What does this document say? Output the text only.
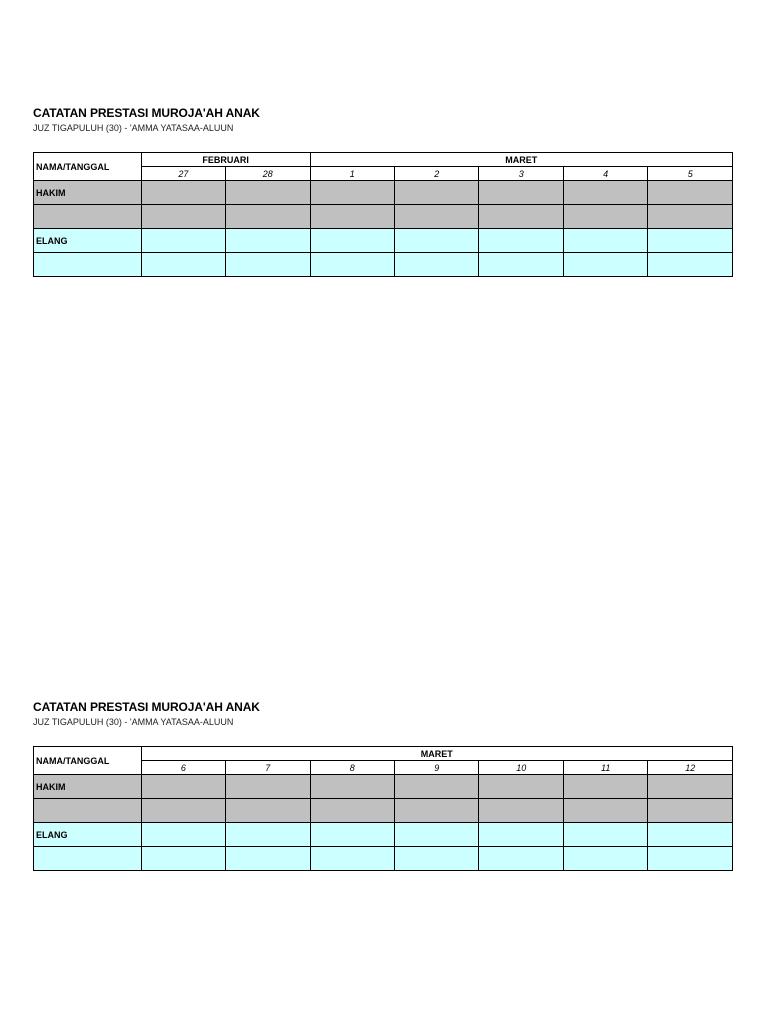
CATATAN PRESTASI MUROJA'AH ANAK

JUZ TIGAPULUH (30) - 'AMMA YATASAA-ALUUN

NAMA/TANGGAL	FEBRUARI		MARET				
	27	28	1	2	3	4	5
HAKIM							

ELANG							

CATATAN PRESTASI MUROJA'AH ANAK

JUZ TIGAPULUH (30) - 'AMMA YATASAA-ALUUN

NAMA/TANGGAL	MARET						
	6	7	8	9	10	11	12
HAKIM							

ELANG							
